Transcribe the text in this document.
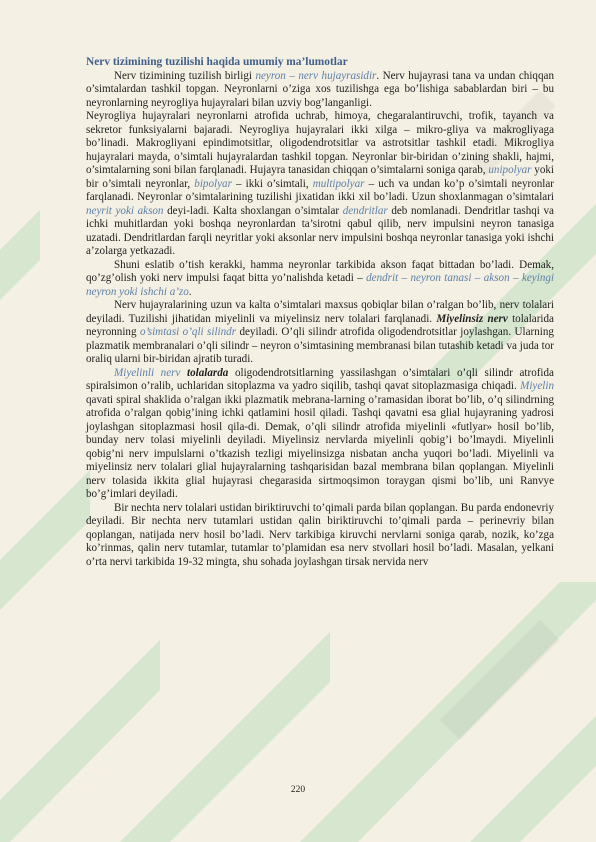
Nerv tizimining tuzilishi haqida umumiy ma’lumotlar

Nerv tizimining tuzilish birligi neyron – nerv hujayrasidir. Nerv hujayrasi tana va undan chiqqan o’simtalardan tashkil topgan. Neyronlarni o’ziga xos tuzilishga ega bo’lishiga sabablardan biri – bu neyronlarning neyrogliya hujayralari bilan uzviy bog’langanligi.

Neyrogliya hujayralari neyronlarni atrofida uchrab, himoya, chegaralantiruvchi, trofik, tayanch va sekretor funksiyalarni bajaradi. Neyrogliya hujayralari ikki xilga – mikro-gliya va makrogliyaga bo’linadi. Makrogliyani epindimotsitlar, oligodendrotsitlar va astrotsitlar tashkil etadi. Mikrogliya hujayralari mayda, o’simtali hujayralardan tashkil topgan. Neyronlar bir-biridan o’zining shakli, hajmi, o’simtalarning soni bilan farqlanadi. Hujayra tanasidan chiqqan o’simtalarni soniga qarab, unipolyar yoki bir o’simtali neyronlar, bipolyar – ikki o’simtali, multipolyar – uch va undan ko’p o’simtali neyronlar farqlanadi. Neyronlar o’simtalarining tuzilishi jixatidan ikki xil bo’ladi. Uzun shoxlanmagan o’simtalari neyrit yoki akson deyi-ladi. Kalta shoxlangan o’simtalar dendritlar deb nomlanadi. Dendritlar tashqi va ichki muhitlardan yoki boshqa neyronlardan ta’sirotni qabul qilib, nerv impulsini neyron tanasiga uzatadi. Dendritlardan farqli neyritlar yoki aksonlar nerv impulsini boshqa neyronlar tanasiga yoki ishchi a’zolarga yetkazadi.

Shuni eslatib o’tish kerakki, hamma neyronlar tarkibida akson faqat bittadan bo’ladi. Demak, qo’zg’olish yoki nerv impulsi faqat bitta yo’nalishda ketadi – dendrit – neyron tanasi – akson – keyingi neyron yoki ishchi a’zo.

Nerv hujayralarining uzun va kalta o’simtalari maxsus qobiqlar bilan o’ralgan bo’lib, nerv tolalari deyiladi. Tuzilishi jihatidan miyelinli va miyelinsiz nerv tolalari farqlanadi. Miyelinsiz nerv tolalarida neyronning o’simtasi o’qli silindr deyiladi. O’qli silindr atrofida oligodendrotsitlar joylashgan. Ularning plazmatik membranalari o’qli silindr – neyron o’simtasining membranasi bilan tutashib ketadi va juda tor oraliq ularni bir-biridan ajratib turadi.

Miyelinli nerv tolalarda oligodendrotsitlarning yassilashgan o’simtalari o’qli silindr atrofida spiralsimon o’ralib, uchlaridan sitoplazma va yadro siqilib, tashqi qavat sitoplazmasiga chiqadi. Miyelin qavati spiral shaklida o’ralgan ikki plazmatik mebrana-larning o’ramasidan iborat bo’lib, o’q silindrning atrofida o’ralgan qobig’ining ichki qatlamini hosil qiladi. Tashqi qavatni esa glial hujayraning yadrosi joylashgan sitoplazmasi hosil qila-di. Demak, o’qli silindr atrofida miyelinli «futlyar» hosil bo’lib, bunday nerv tolasi miyelinli deyiladi. Miyelinsiz nervlarda miyelinli qobig’i bo’lmaydi. Miyelinli qobig’ni nerv impulslarni o’tkazish tezligi miyelinsizga nisbatan ancha yuqori bo’ladi. Miyelinli va miyelinsiz nerv tolalari glial hujayralarning tashqarisidan bazal membrana bilan qoplangan. Miyelinli nerv tolasida ikkita glial hujayrasi chegarasida sirtmoqsimon toraygan qismi bo’lib, uni Ranvye bo’g’imlari deyiladi.

Bir nechta nerv tolalari ustidan biriktiruvchi to’qimali parda bilan qoplangan. Bu parda endonevriy deyiladi. Bir nechta nerv tutamlari ustidan qalin biriktiruvchi to’qimali parda – perinevriy bilan qoplangan, natijada nerv hosil bo’ladi. Nerv tarkibiga kiruvchi nervlarni soniga qarab, nozik, ko’zga ko’rinmas, qalin nerv tutamlar, tutamlar to’plamidan esa nerv stvollari hosil bo’ladi. Masalan, yelkani o’rta nervi tarkibida 19-32 mingta, shu sohada joylashgan tirsak nervida nerv

220
